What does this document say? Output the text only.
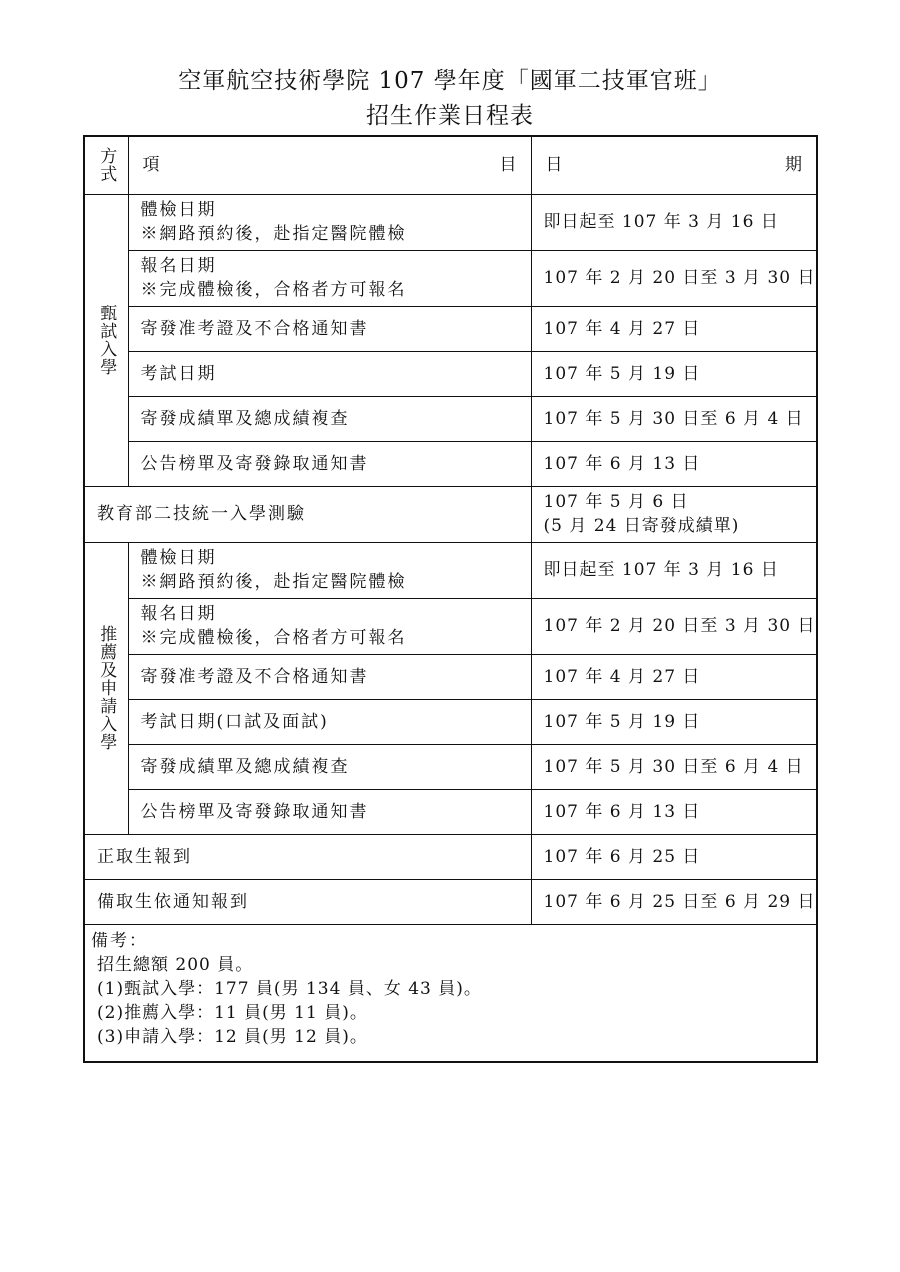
空軍航空技術學院 107 學年度「國軍二技軍官班」
招生作業日程表
方式	項 目	日 期

甄試入學	體檢日期
※網路預約後，赴指定醫院體檢	即日起至 107 年 3 月 16 日

	報名日期
※完成體檢後，合格者方可報名	107 年 2 月 20 日至 3 月 30 日

	寄發准考證及不合格通知書	107 年 4 月 27 日

	考試日期	107 年 5 月 19 日

	寄發成績單及總成績複查	107 年 5 月 30 日至 6 月 4 日

	公告榜單及寄發錄取通知書	107 年 6 月 13 日

教育部二技統一入學測驗		107 年 5 月 6 日
(5 月 24 日寄發成績單)

推薦及申請入學	體檢日期
※網路預約後，赴指定醫院體檢	即日起至 107 年 3 月 16 日

	報名日期
※完成體檢後，合格者方可報名	107 年 2 月 20 日至 3 月 30 日

	寄發准考證及不合格通知書	107 年 4 月 27 日

	考試日期(口試及面試)	107 年 5 月 19 日

	寄發成績單及總成績複查	107 年 5 月 30 日至 6 月 4 日

	公告榜單及寄發錄取通知書	107 年 6 月 13 日

正取生報到		107 年 6 月 25 日
備取生依通知報到		107 年 6 月 25 日至 6 月 29 日

備考：
招生總額 200 員。
(1)甄試入學：177 員(男 134 員、女 43 員)。
(2)推薦入學：11 員(男 11 員)。
(3)申請入學：12 員(男 12 員)。		
